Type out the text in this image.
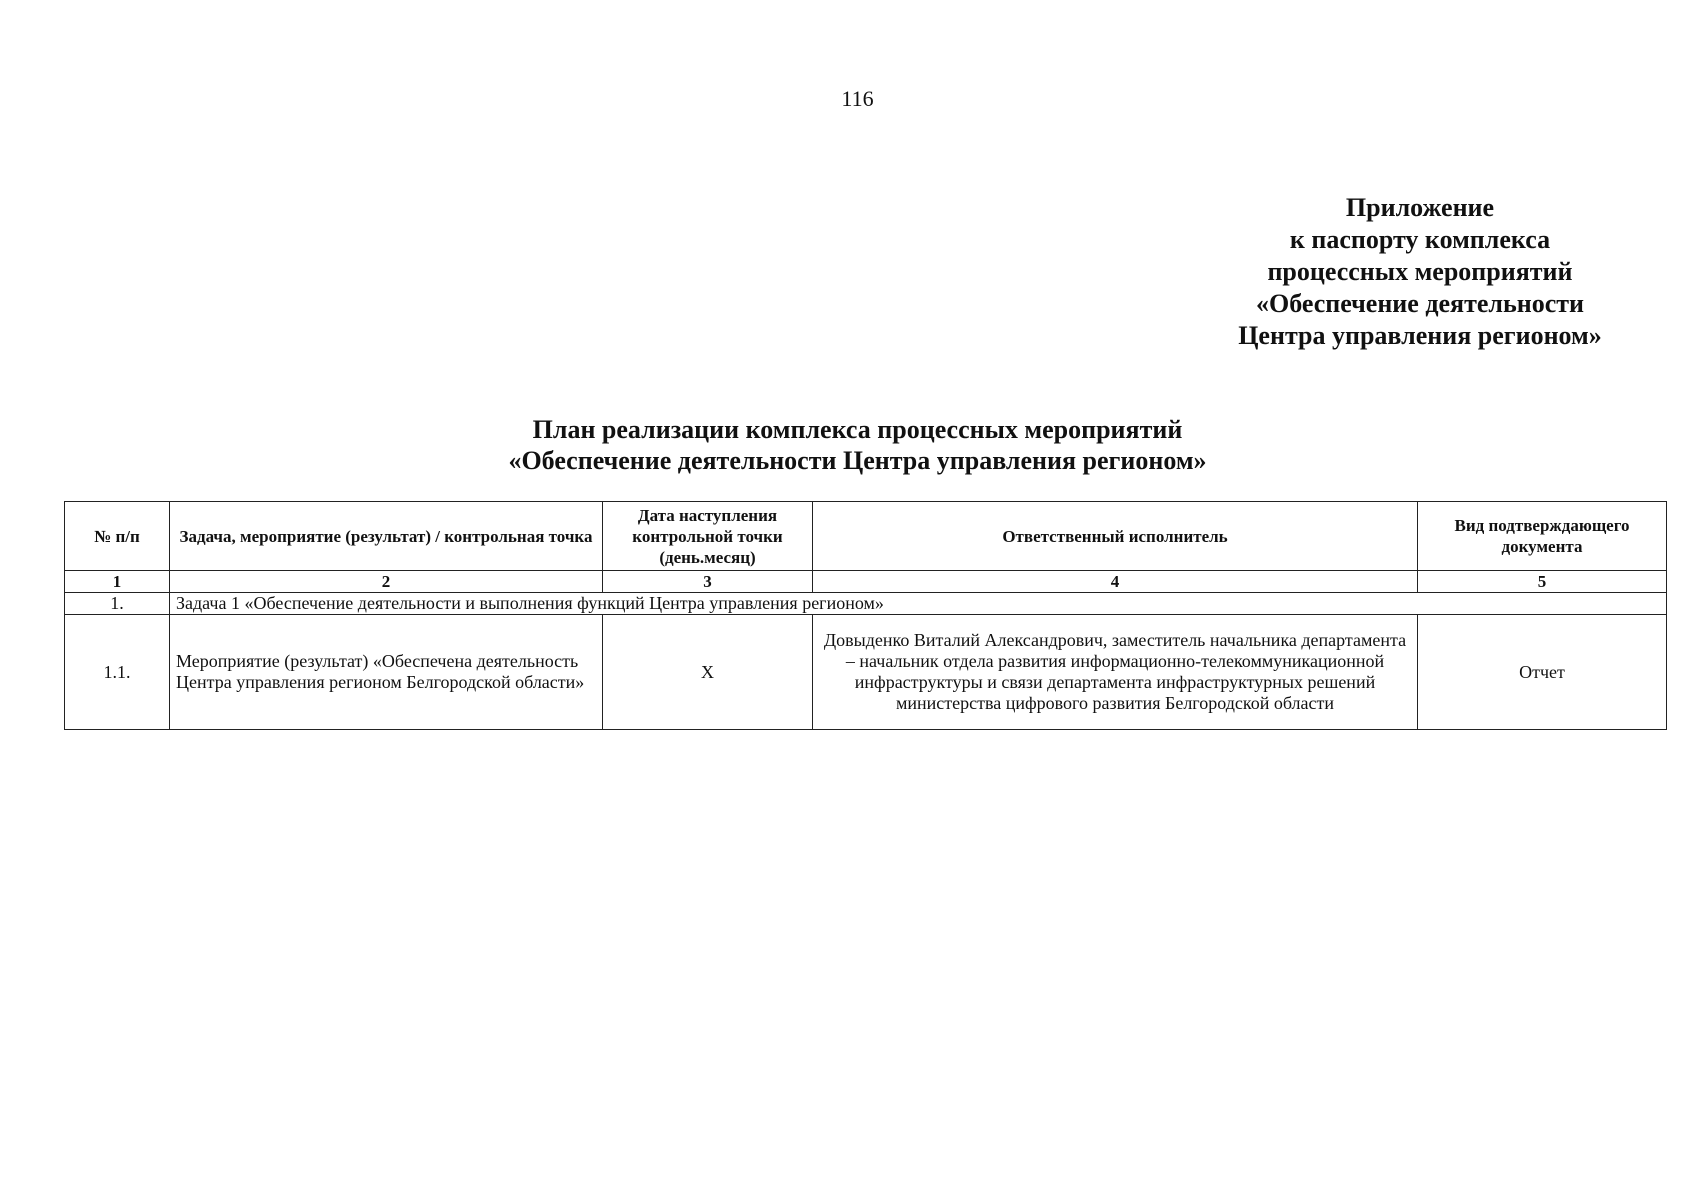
116
Приложение
к паспорту комплекса
процессных мероприятий
«Обеспечение деятельности
Центра управления регионом»
План реализации комплекса процессных мероприятий
«Обеспечение деятельности Центра управления регионом»
№ п/п	Задача, мероприятие (результат) / контрольная точка	Дата наступления контрольной точки (день.месяц)	Ответственный исполнитель	Вид подтверждающего документа
1	2	3	4	5
1.	Задача 1 «Обеспечение деятельности и выполнения функций Центра управления регионом»			
1.1.	Мероприятие (результат) «Обеспечена деятельность Центра управления регионом Белгородской области»	Х	Довыденко Виталий Александрович, заместитель начальника департамента – начальник отдела развития информационно-телекоммуникационной инфраструктуры и связи департамента инфраструктурных решений министерства цифрового развития Белгородской области	Отчет
